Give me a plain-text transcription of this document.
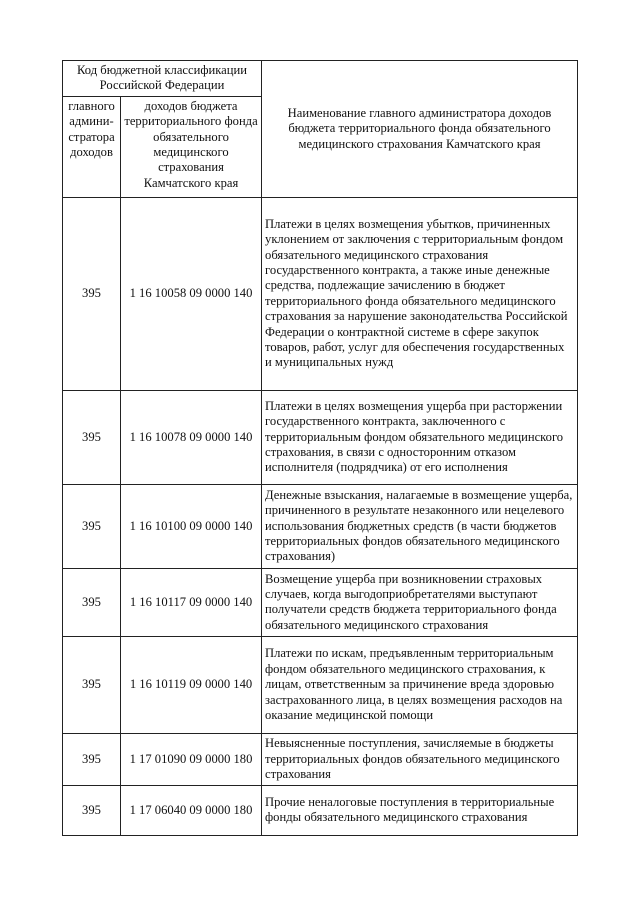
Код бюджетной классификации Российской Федерации		Наименование главного администратора доходов бюджета территориального фонда обязательного медицинского страхования Камчатского края
главного админи-стратора доходов	доходов бюджета территориального фонда обязательного медицинского страхования Камчатского края	
395	1 16 10058 09 0000 140	Платежи в целях возмещения убытков, причиненных уклонением от заключения с территориальным фондом обязательного медицинского страхования государственного контракта, а также иные денежные средства, подлежащие зачислению в бюджет территориального фонда обязательного медицинского страхования за нарушение законодательства Российской Федерации о контрактной системе в сфере закупок товаров, работ, услуг для обеспечения государственных и муниципальных нужд
395	1 16 10078 09 0000 140	Платежи в целях возмещения ущерба при расторжении государственного контракта, заключенного с территориальным фондом обязательного медицинского страхования, в связи с односторонним отказом исполнителя (подрядчика) от его исполнения
395	1 16 10100 09 0000 140	Денежные взыскания, налагаемые в возмещение ущерба, причиненного в результате незаконного или нецелевого использования бюджетных средств (в части бюджетов территориальных фондов обязательного медицинского страхования)
395	1 16 10117 09 0000 140	Возмещение ущерба при возникновении страховых случаев, когда выгодоприобретателями выступают получатели средств бюджета территориального фонда обязательного медицинского страхования
395	1 16 10119 09 0000 140	Платежи по искам, предъявленным территориальным фондом обязательного медицинского страхования, к лицам, ответственным за причинение вреда здоровью застрахованного лица, в целях возмещения расходов на оказание медицинской помощи
395	1 17 01090 09 0000 180	Невыясненные поступления, зачисляемые в бюджеты территориальных фондов обязательного медицинского страхования
395	1 17 06040 09 0000 180	Прочие неналоговые поступления в территориальные фонды обязательного медицинского страхования
